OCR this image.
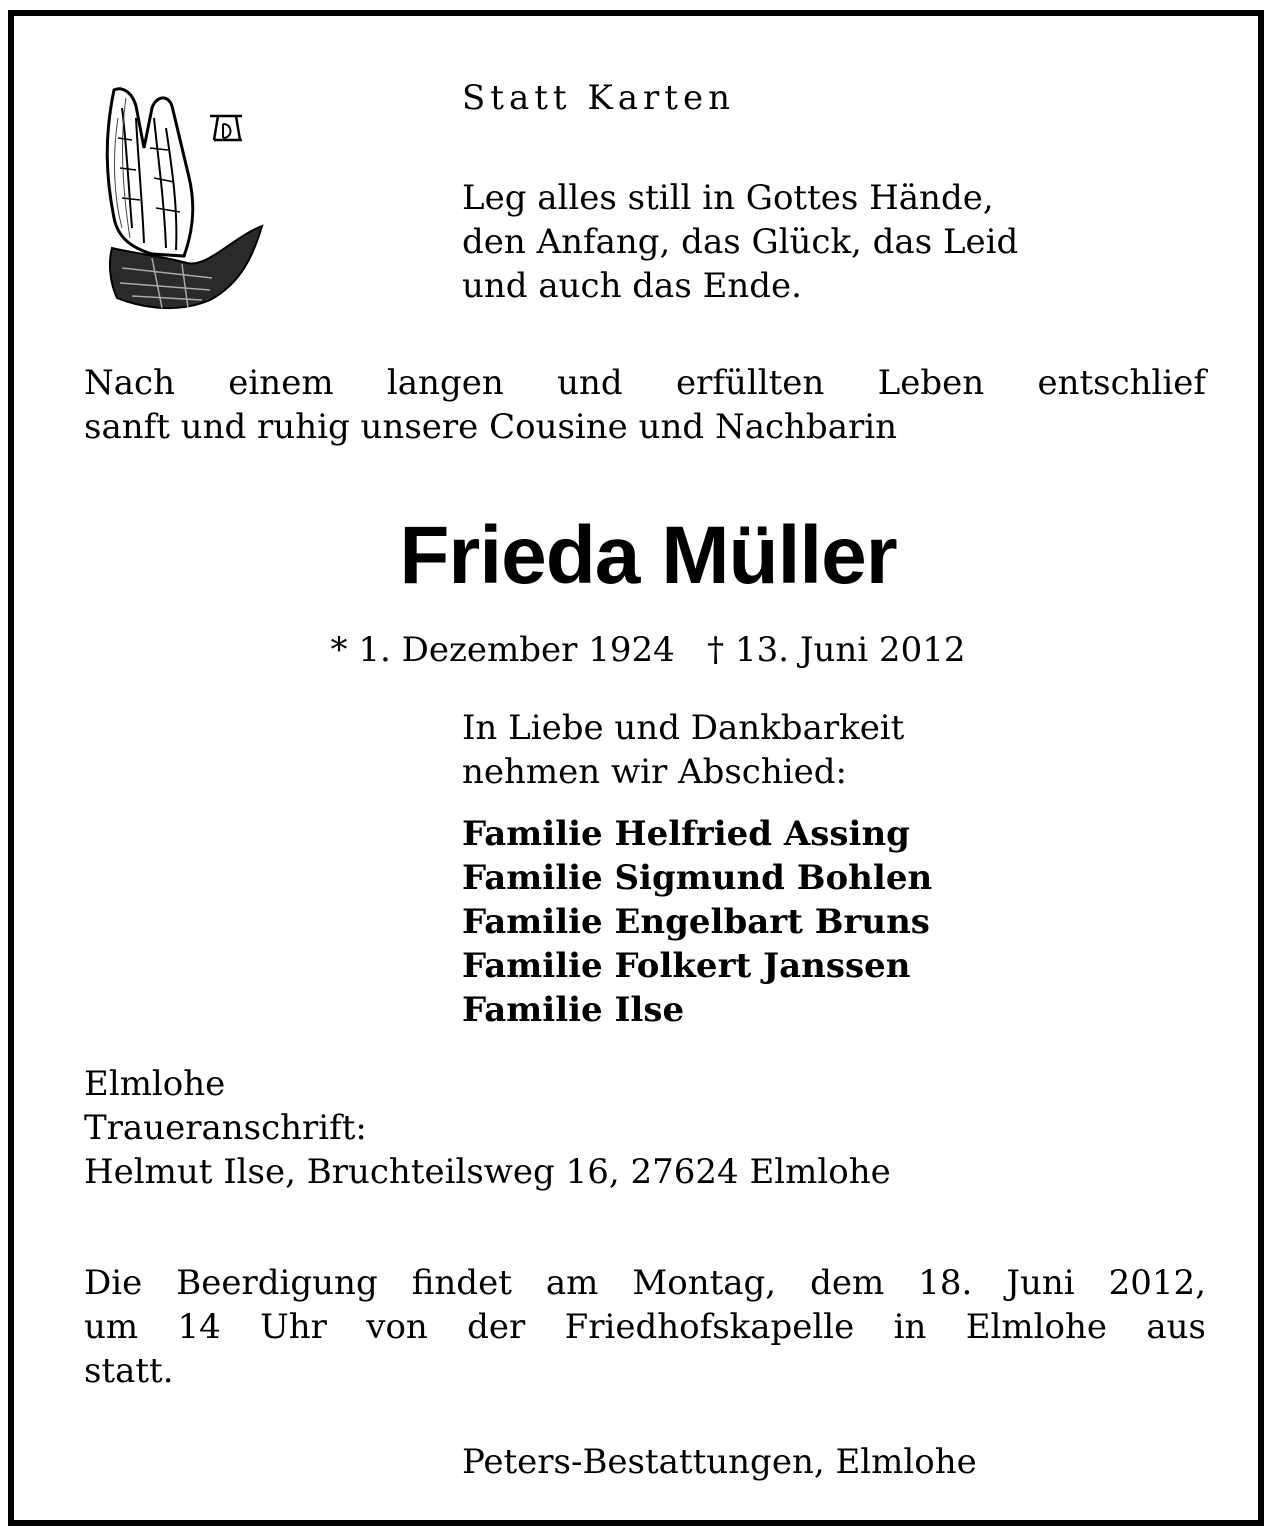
Statt Karten
Leg alles still in Gottes Hände,
den Anfang, das Glück, das Leid
und auch das Ende.
Nach einem langen und erfüllten Leben entschlief
sanft und ruhig unsere Cousine und Nachbarin
Frieda Müller
* 1. Dezember 1924   † 13. Juni 2012
In Liebe und Dankbarkeit
nehmen wir Abschied:
Familie Helfried Assing
Familie Sigmund Bohlen
Familie Engelbart Bruns
Familie Folkert Janssen
Familie Ilse
Elmlohe
Traueranschrift:
Helmut Ilse, Bruchteilsweg 16, 27624 Elmlohe
Die Beerdigung findet am Montag, dem 18. Juni 2012,
um 14 Uhr von der Friedhofskapelle in Elmlohe aus
statt.
Peters-Bestattungen, Elmlohe
